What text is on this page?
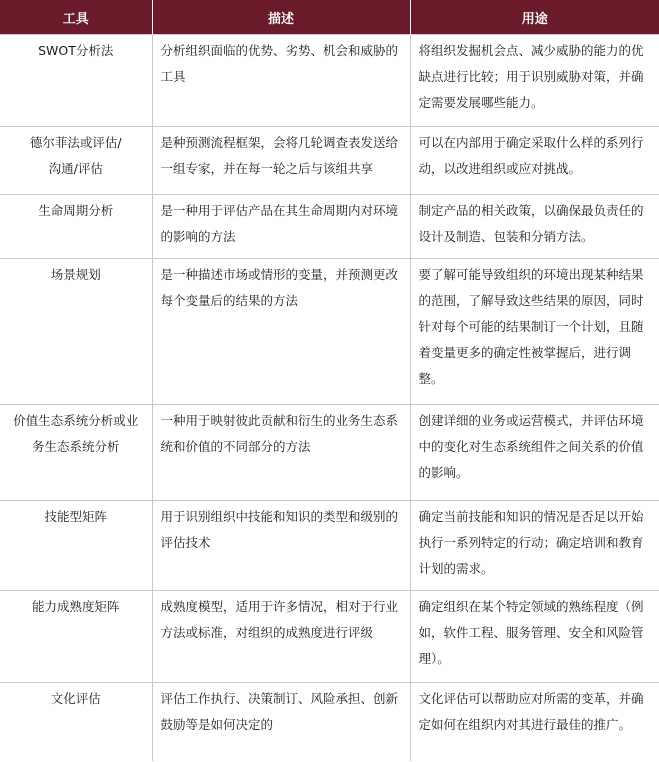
工具	描述	用途

SWOT分析法	分析组织面临的优势、劣势、机会和威胁的工具	将组织发掘机会点、减少威胁的能力的优缺点进行比较；用于识别威胁对策，并确定需要发展哪些能力。

德尔菲法或评估/沟通/评估	是种预测流程框架，会将几轮调查表发送给一组专家，并在每一轮之后与该组共享	可以在内部用于确定采取什么样的系列行动，以改进组织或应对挑战。

生命周期分析	是一种用于评估产品在其生命周期内对环境的影响的方法	制定产品的相关政策，以确保最负责任的设计及制造、包装和分销方法。

场景规划	是一种描述市场或情形的变量，并预测更改每个变量后的结果的方法	要了解可能导致组织的环境出现某种结果的范围，了解导致这些结果的原因，同时针对每个可能的结果制订一个计划，且随着变量更多的确定性被掌握后，进行调整。

价值生态系统分析或业务生态系统分析	一种用于映射彼此贡献和衍生的业务生态系统和价值的不同部分的方法	创建详细的业务或运营模式，并评估环境中的变化对生态系统组件之间关系的价值的影响。

技能型矩阵	用于识别组织中技能和知识的类型和级别的评估技术	确定当前技能和知识的情况是否足以开始执行一系列特定的行动；确定培训和教育计划的需求。

能力成熟度矩阵	成熟度模型，适用于许多情况，相对于行业方法或标准，对组织的成熟度进行评级	确定组织在某个特定领域的熟练程度（例如，软件工程、服务管理、安全和风险管理）。

文化评估	评估工作执行、决策制订、风险承担、创新鼓励等是如何决定的	文化评估可以帮助应对所需的变革，并确定如何在组织内对其进行最佳的推广。
